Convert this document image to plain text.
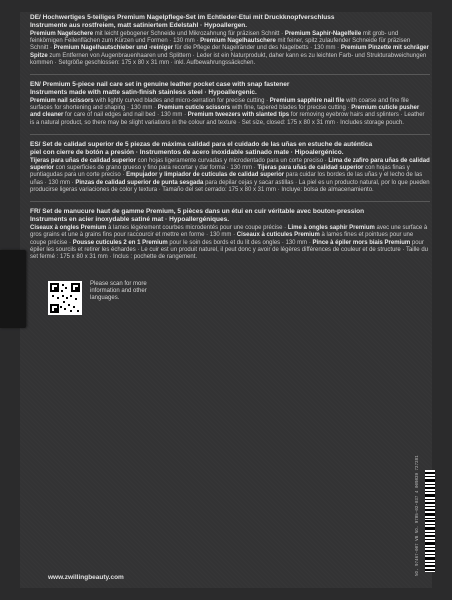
DE/ Hochwertiges 5-teiliges Premium Nagelpflege-Set im Echtleder-Etui mit Druckknopfverschluss
Instrumente aus rostfreiem, matt satiniertem Edelstahl · Hypoallergen.

Premium Nagelschere mit leicht gebogener Schneide und Mikrozahnung für präzisen Schnitt · Premium Saphir-Nagelfeile mit grob- und feinkörnigen Feilenflächen zum Kürzen und Formen · 130 mm · Premium Nagelhautschere mit feiner, spitz zulaufender Schneide für präzisen Schnitt · Premium Nagelhautschieber und -reiniger für die Pflege der Nagelränder und des Nagelbetts · 130 mm · Premium Pinzette mit schräger Spitze zum Entfernen von Augenbrauenhaaren und Splittern · Leder ist ein Naturprodukt, daher kann es zu leichten Farb- und Strukturabweichungen kommen · Setgröße geschlossen: 175 x 80 x 31 mm · inkl. Aufbewahrungssäckchen.

EN/ Premium 5-piece nail care set in genuine leather pocket case with snap fastener
Instruments made with matte satin-finish stainless steel · Hypoallergenic.

Premium nail scissors with lightly curved blades and micro-serration for precise cutting · Premium sapphire nail file with coarse and fine file surfaces for shortening and shaping · 130 mm · Premium cuticle scissors with fine, tapered blades for precise cutting · Premium cuticle pusher and cleaner for care of nail edges and nail bed · 130 mm · Premium tweezers with slanted tips for removing eyebrow hairs and splinters · Leather is a natural product, so there may be slight variations in the colour and texture · Set size, closed: 175 x 80 x 31 mm · Includes storage pouch.

ES/ Set de calidad superior de 5 piezas de máxima calidad para el cuidado de las uñas en estuche de auténtica
piel con cierre de botón a presión · Instrumentos de acero inoxidable satinado mate · Hipoalergénico.

Tijeras para uñas de calidad superior con hojas ligeramente curvadas y microdentado para un corte preciso · Lima de zafiro para uñas de calidad superior con superficies de grano grueso y fino para recortar y dar forma · 130 mm · Tijeras para uñas de calidad superior con hojas finas y puntiagudas para un corte preciso · Empujador y limpiador de cutículas de calidad superior para cuidar los bordes de las uñas y el lecho de las uñas · 130 mm · Pinzas de calidad superior de punta sesgada para depilar cejas y sacar astillas · La piel es un producto natural, por lo que pueden producirse ligeras variaciones de color y textura · Tamaño del set cerrado: 175 x 80 x 31 mm · Incluye: bolsa de almacenamiento.

FR/ Set de manucure haut de gamme Premium, 5 pièces dans un étui en cuir véritable avec bouton-pression
Instruments en acier inoxydable satiné mat · Hypoallergéniques.

Ciseaux à ongles Premium à lames légèrement courbes microdentés pour une coupe précise · Lime à ongles saphir Premium avec une surface à gros grains et une à grains fins pour raccourcir et mettre en forme · 130 mm · Ciseaux à cuticules Premium à lames fines et pointues pour une coupe précise · Pousse cuticules 2 en 1 Premium pour le soin des bords et du lit des ongles · 130 mm · Pince à épiler mors biais Premium pour épiler les sourcils et retirer les échardes · Le cuir est un produit naturel, il peut donc y avoir de légères différences de couleur et de structure · Taille du set fermé : 175 x 80 x 31 mm · Inclus : pochette de rangement.

Please scan for more information and other languages.
www.zwillingbeauty.com
NO. 97467-007 VB NO. 9785-02-037 4 009839 727281
